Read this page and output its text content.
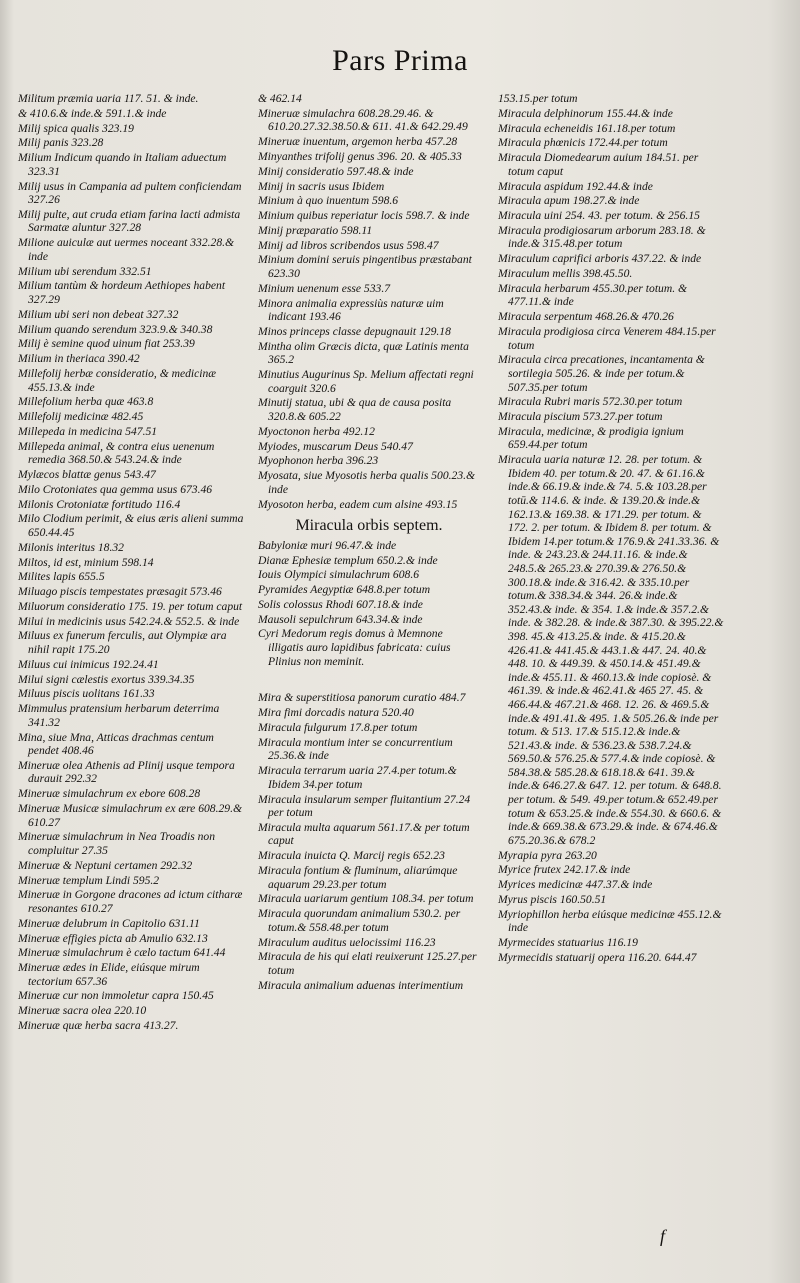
Pars Prima
Militum præmia uaria 117. 51. & inde.
& 410.6.& inde.& 591.1.& inde
Milij spica qualis 323.19
Milij panis 323.28
Milium Indicum quando in Italiam aduectum 323.31
Milij usus in Campania ad pultem conficiendam 327.26
Milij pulte, aut cruda etiam farina lacti admista Sarmatæ aluntur 327.28
Milione auiculæ aut uermes noceant 332.28.& inde
Milium ubi serendum 332.51
Milium tantùm & hordeum Aethiopes habent 327.29
Milium ubi seri non debeat 327.32
Milium quando serendum 323.9.& 340.38
Milij è semine quod uinum fiat 253.39
Milium in theriaca 390.42
Millefolij herbæ consideratio, & medicinæ 455.13.& inde
Millefolium herba quæ 463.8
Millefolij medicinæ 482.45
Millepeda in medicina 547.51
Millepeda animal, & contra eius uenenum remedia 368.50.& 543.24.& inde
Mylæcos blattæ genus 543.47
Milo Crotoniates qua gemma usus 673.46
Milonis Crotoniatæ fortitudo 116.4
Milo Clodium perimit, & eius æris alieni summa 650.44.45
Milonis interitus 18.32
Miltos, id est, minium 598.14
Milites lapis 655.5
Miluago piscis tempestates præsagit 573.46
Miluorum consideratio 175. 19. per totum caput
Milui in medicinis usus 542.24.& 552.5. & inde
Miluus ex funerum ferculis, aut Olympiæ ara nihil rapit 175.20
Miluus cui inimicus 192.24.41
Milui signi cælestis exortus 339.34.35
Miluus piscis uolitans 161.33
Mimmulus pratensium herbarum deterrima 341.32
Mina, siue Mna, Atticas drachmas centum pendet 408.46
Mineruæ olea Athenis ad Plinij usque tempora durauit 292.32
Mineruæ simulachrum ex ebore 608.28
Mineruæ Musicæ simulachrum ex ære 608.29.& 610.27
Mineruæ simulachrum in Nea Troadis non compluitur 27.35
Mineruæ & Neptuni certamen 292.32
Mineruæ templum Lindi 595.2
Mineruæ in Gorgone dracones ad ictum citharæ resonantes 610.27
Mineruæ delubrum in Capitolio 631.11
Mineruæ effigies picta ab Amulio 632.13
Mineruæ simulachrum è cælo tactum 641.44
Mineruæ ædes in Elide, eiúsque mirum tectorium 657.36
Mineruæ cur non immoletur capra 150.45
Mineruæ sacra olea 220.10
Mineruæ quæ herba sacra 413.27.
& 462.14
Mineruæ simulachra 608.28.29.46. & 610.20.27.32.38.50.& 611. 41.& 642.29.49
Mineruæ inuentum, argemon herba 457.28
Minyanthes trifolij genus 396. 20. & 405.33
Minij consideratio 597.48.& inde
Minij in sacris usus Ibidem
Minium à quo inuentum 598.6
Minium quibus reperiatur locis 598.7. & inde
Minij præparatio 598.11
Minij ad libros scribendos usus 598.47
Minium domini seruis pingentibus præstabant 623.30
Minium uenenum esse 533.7
Minora animalia expressiùs naturæ uim indicant 193.46
Minos princeps classe depugnauit 129.18
Mintha olim Græcis dicta, quæ Latinis menta 365.2
Minutius Augurinus Sp. Melium affectati regni coarguit 320.6
Minutij statua, ubi & qua de causa posita 320.8.& 605.22
Myoctonon herba 492.12
Myiodes, muscarum Deus 540.47
Myophonon herba 396.23
Myosata, siue Myosotis herba qualis 500.23.& inde
Myosoton herba, eadem cum alsine 493.15
Miracula orbis septem.
Babyloniæ muri 96.47.& inde
Dianæ Ephesiæ templum 650.2.& inde
Iouis Olympici simulachrum 608.6
Pyramides Aegyptiæ 648.8.per totum
Solis colossus Rhodi 607.18.& inde
Mausoli sepulchrum 643.34.& inde
Cyri Medorum regis domus à Memnone illigatis auro lapidibus fabricata: cuius Plinius non meminit.
Mira & superstitiosa panorum curatio 484.7
Mira fimi dorcadis natura 520.40
Miracula fulgurum 17.8.per totum
Miracula montium inter se concurrentium 25.36.& inde
Miracula terrarum uaria 27.4.per totum.& Ibidem 34.per totum
Miracula insularum semper fluitantium 27.24 per totum
Miracula multa aquarum 561.17.& per totum caput
Miracula inuicta Q. Marcij regis 652.23
Miracula fontium & fluminum, aliarúmque aquarum 29.23.per totum
Miracula uariarum gentium 108.34. per totum
Miracula quorundam animalium 530.2. per totum.& 558.48.per totum
Miraculum auditus uelocissimi 116.23
Miracula de his qui elati reuixerunt 125.27.per totum
Miracula animalium aduenas interimentium
153.15.per totum
Miracula delphinorum 155.44.& inde
Miracula echeneidis 161.18.per totum
Miracula phœnicis 172.44.per totum
Miracula Diomedearum auium 184.51. per totum caput
Miracula aspidum 192.44.& inde
Miracula apum 198.27.& inde
Miracula uini 254. 43. per totum. & 256.15
Miracula prodigiosarum arborum 283.18. & inde.& 315.48.per totum
Miraculum caprifici arboris 437.22. & inde
Miraculum mellis 398.45.50.
Miracula herbarum 455.30.per totum. & 477.11.& inde
Miracula serpentum 468.26.& 470.26
Miracula prodigiosa circa Venerem 484.15.per totum
Miracula circa precationes, incantamenta & sortilegia 505.26. & inde per totum.& 507.35.per totum
Miracula Rubri maris 572.30.per totum
Miracula piscium 573.27.per totum
Miracula, medicinæ, & prodigia ignium 659.44.per totum
Miracula uaria naturæ 12. 28. per totum. & Ibidem 40. per totum.& 20. 47. & 61.16.& inde.& 66.19.& inde.& 74. 5.& 103.28.per totū.& 114.6. & inde. & 139.20.& inde.& 162.13.& 169.38. & 171.29. per totum. & 172. 2. per totum. & Ibidem 8. per totum. & Ibidem 14.per totum.& 176.9.& 241.33.36. & inde. & 243.23.& 244.11.16. & inde.& 248.5.& 265.23.& 270.39.& 276.50.& 300.18.& inde.& 316.42. & 335.10.per totum.& 338.34.& 344. 26.& inde.& 352.43.& inde. & 354. 1.& inde.& 357.2.& inde. & 382.28. & inde.& 387.30. & 395.22.& 398. 45.& 413.25.& inde. & 415.20.& 426.41.& 441.45.& 443.1.& 447. 24. 40.& 448. 10. & 449.39. & 450.14.& 451.49.& inde.& 455.11. & 460.13.& inde copiosè. & 461.39. & inde.& 462.41.& 465 27. 45. & 466.44.& 467.21.& 468. 12. 26. & 469.5.& inde.& 491.41.& 495. 1.& 505.26.& inde per totum. & 513. 17.& 515.12.& inde.& 521.43.& inde. & 536.23.& 538.7.24.& 569.50.& 576.25.& 577.4.& inde copiosè. & 584.38.& 585.28.& 618.18.& 641. 39.& inde.& 646.27.& 647. 12. per totum. & 648.8. per totum. & 549. 49.per totum.& 652.49.per totum & 653.25.& inde.& 554.30. & 660.6. & inde.& 669.38.& 673.29.& inde. & 674.46.& 675.20.36.& 678.2
Myrapia pyra 263.20
Myrice frutex 242.17.& inde
Myrices medicinæ 447.37.& inde
Myrus piscis 160.50.51
Myriophillon herba eiúsque medicinæ 455.12.& inde
Myrmecides statuarius 116.19
Myrmecidis statuarij opera 116.20. 644.47
f
